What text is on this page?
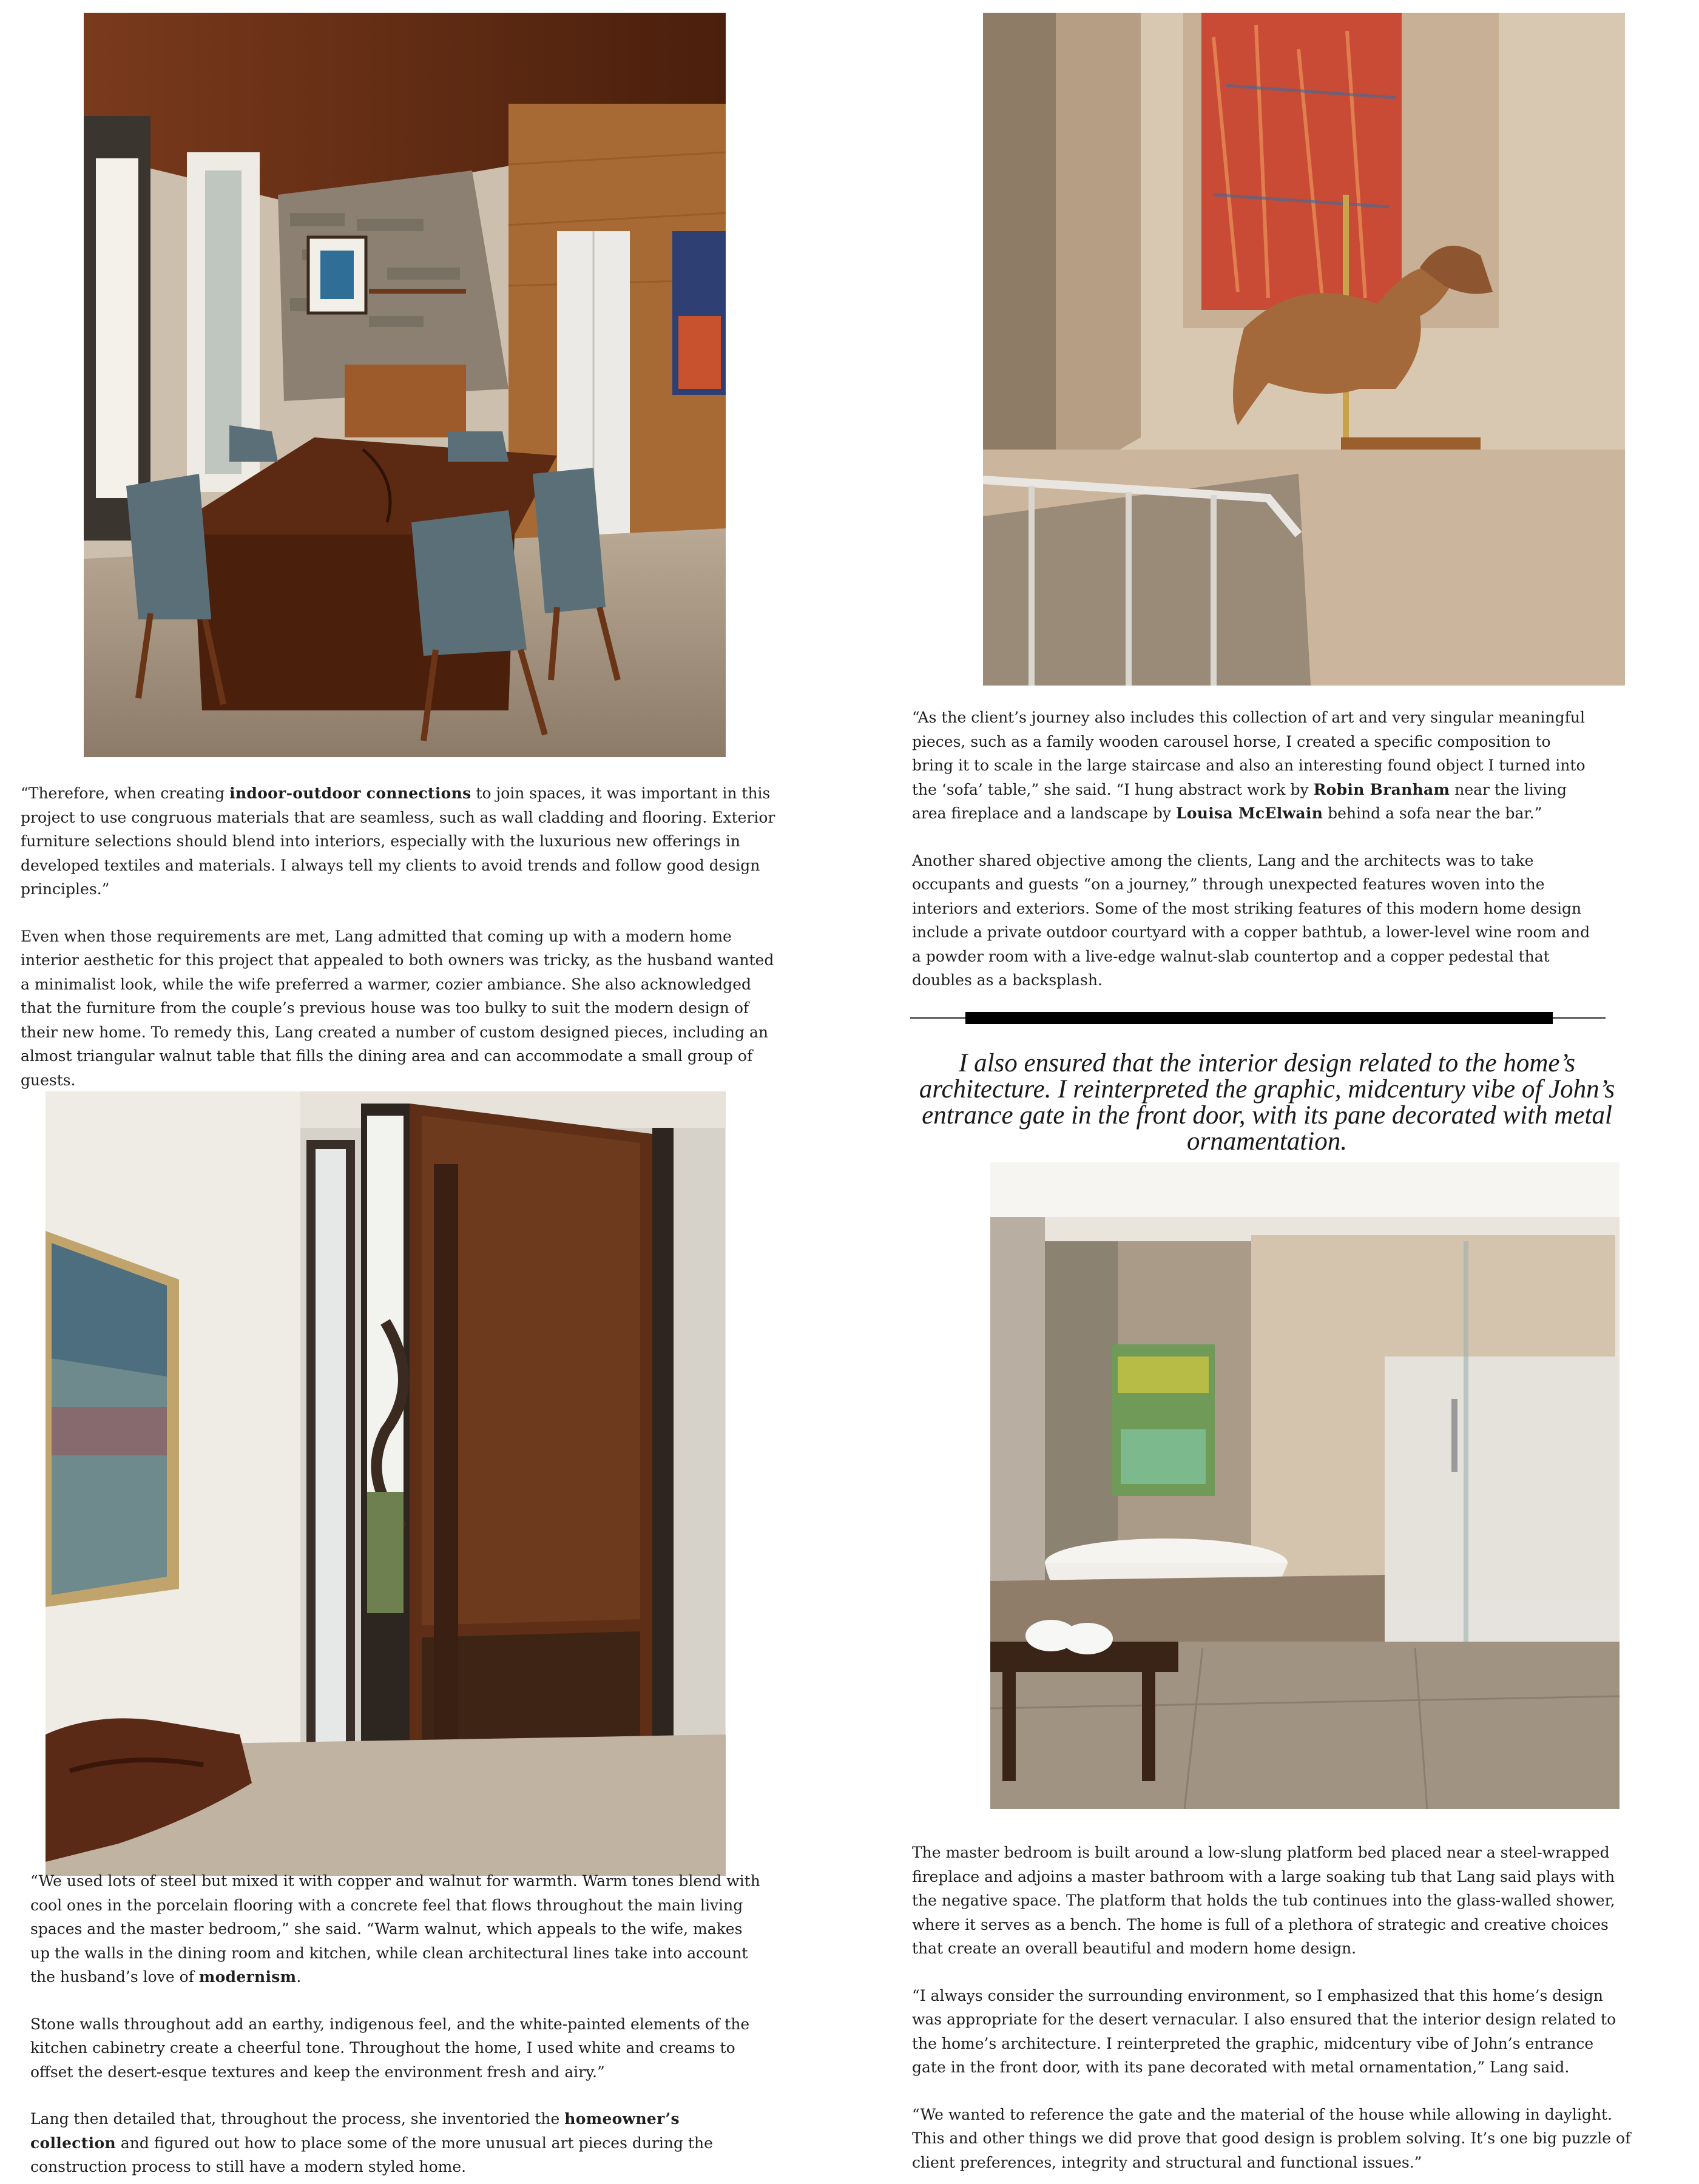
“Therefore, when creating indoor-outdoor connections to join spaces, it was important in this project to use congruous materials that are seamless, such as wall cladding and flooring. Exterior furniture selections should blend into interiors, especially with the luxurious new offerings in developed textiles and materials. I always tell my clients to avoid trends and follow good design principles.”

Even when those requirements are met, Lang admitted that coming up with a modern home interior aesthetic for this project that appealed to both owners was tricky, as the husband wanted a minimalist look, while the wife preferred a warmer, cozier ambiance. She also acknowledged that the furniture from the couple’s previous house was too bulky to suit the modern design of their new home. To remedy this, Lang created a number of custom designed pieces, including an almost triangular walnut table that fills the dining area and can accommodate a small group of guests.

“We used lots of steel but mixed it with copper and walnut for warmth. Warm tones blend with cool ones in the porcelain flooring with a concrete feel that flows throughout the main living spaces and the master bedroom,” she said. “Warm walnut, which appeals to the wife, makes up the walls in the dining room and kitchen, while clean architectural lines take into account the husband’s love of modernism.

Stone walls throughout add an earthy, indigenous feel, and the white-painted elements of the kitchen cabinetry create a cheerful tone. Throughout the home, I used white and creams to offset the desert-esque textures and keep the environment fresh and airy.”

Lang then detailed that, throughout the process, she inventoried the homeowner’s collection and figured out how to place some of the more unusual art pieces during the construction process to still have a modern styled home.

“As the client’s journey also includes this collection of art and very singular meaningful pieces, such as a family wooden carousel horse, I created a specific composition to bring it to scale in the large staircase and also an interesting found object I turned into the ‘sofa’ table,” she said. “I hung abstract work by Robin Branham near the living area fireplace and a landscape by Louisa McElwain behind a sofa near the bar.”

Another shared objective among the clients, Lang and the architects was to take occupants and guests “on a journey,” through unexpected features woven into the interiors and exteriors. Some of the most striking features of this modern home design include a private outdoor courtyard with a copper bathtub, a lower-level wine room and a powder room with a live-edge walnut-slab countertop and a copper pedestal that doubles as a backsplash.

I also ensured that the interior design related to the home’s architecture. I reinterpreted the graphic, midcentury vibe of John’s entrance gate in the front door, with its pane decorated with metal ornamentation.

The master bedroom is built around a low-slung platform bed placed near a steel-wrapped fireplace and adjoins a master bathroom with a large soaking tub that Lang said plays with the negative space. The platform that holds the tub continues into the glass-walled shower, where it serves as a bench. The home is full of a plethora of strategic and creative choices that create an overall beautiful and modern home design.

“I always consider the surrounding environment, so I emphasized that this home’s design was appropriate for the desert vernacular. I also ensured that the interior design related to the home’s architecture. I reinterpreted the graphic, midcentury vibe of John’s entrance gate in the front door, with its pane decorated with metal ornamentation,” Lang said.

“We wanted to reference the gate and the material of the house while allowing in daylight. This and other things we did prove that good design is problem solving. It’s one big puzzle of client preferences, integrity and structural and functional issues.”
